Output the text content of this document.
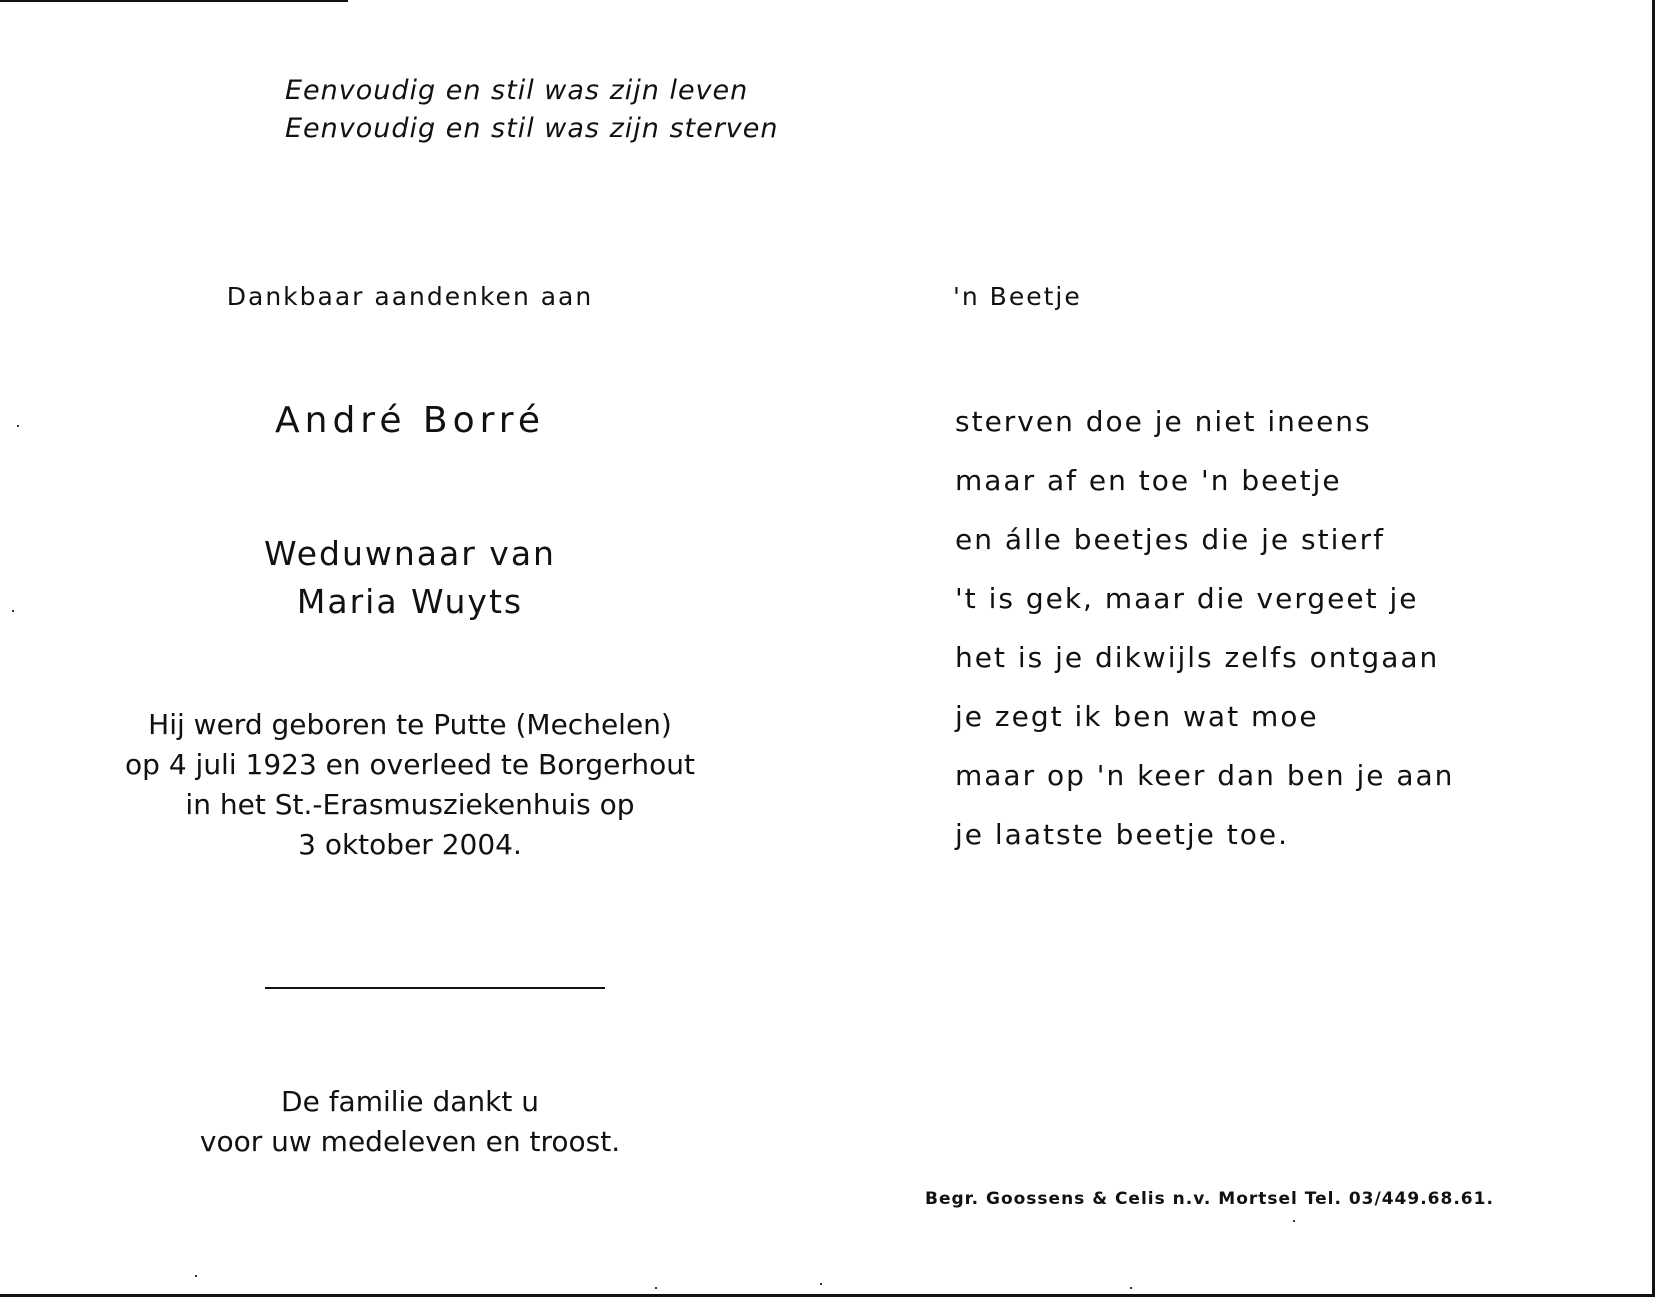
Eenvoudig en stil was zijn leven
Eenvoudig en stil was zijn sterven
Dankbaar aandenken aan
André Borré
Weduwnaar van
Maria Wuyts
Hij werd geboren te Putte (Mechelen)
op 4 juli 1923 en overleed te Borgerhout
in het St.-Erasmusziekenhuis op
3 oktober 2004.
De familie dankt u
voor uw medeleven en troost.
'n Beetje
sterven doe je niet ineens
maar af en toe 'n beetje
en álle beetjes die je stierf
't is gek, maar die vergeet je
het is je dikwijls zelfs ontgaan
je zegt ik ben wat moe
maar op 'n keer dan ben je aan
je laatste beetje toe.
Begr. Goossens & Celis n.v. Mortsel Tel. 03/449.68.61.
